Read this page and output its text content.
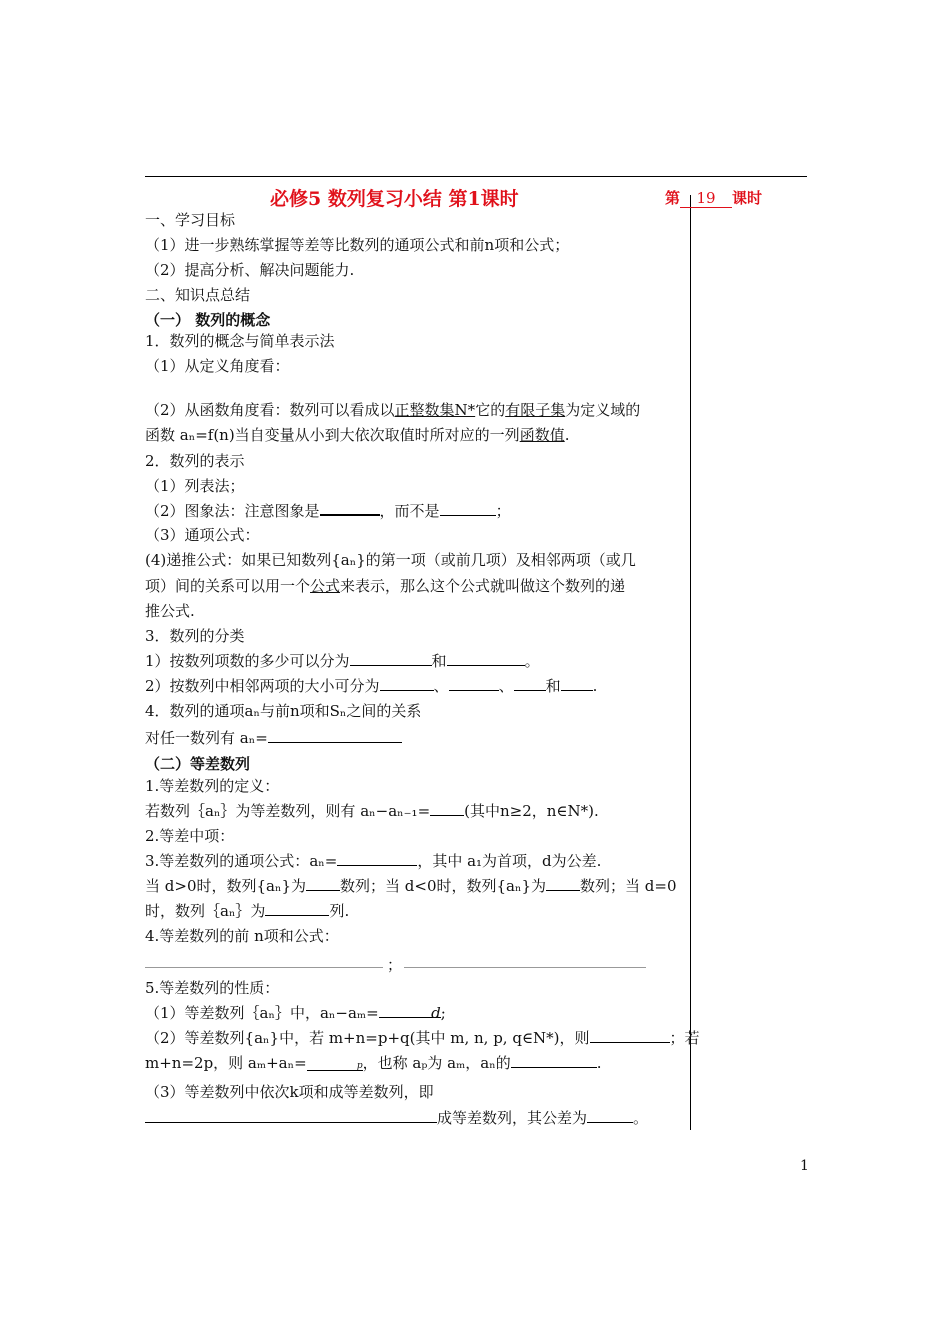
必修5 数列复习小结 第1课时	第 19 课时
一、学习目标
（1）进一步熟练掌握等差等比数列的通项公式和前n项和公式；
（2）提高分析、解决问题能力.
二、知识点总结
（一） 数列的概念
1．数列的概念与简单表示法
（1）从定义角度看：
（2）从函数角度看：数列可以看成以正整数集N*它的有限子集为定义域的
函数 aₙ=f(n)当自变量从小到大依次取值时所对应的一列函数值.
2．数列的表示
（1）列表法；
（2）图象法：注意图象是	，而不是	；
（3）通项公式：
(4)递推公式：如果已知数列{aₙ}的第一项（或前几项）及相邻两项（或几
项）间的关系可以用一个公式来表示，那么这个公式就叫做这个数列的递
推公式.
3．数列的分类
1）按数列项数的多少可以分为	和	。
2）按数列中相邻两项的大小可分为	、	、 和 .
4．数列的通项aₙ与前n项和Sₙ之间的关系
对任一数列有 aₙ=
（二）等差数列
1.等差数列的定义：
若数列｛aₙ｝为等差数列，则有 aₙ−aₙ₋₁= (其中n≥2，n∈N*).
2.等差中项：
3.等差数列的通项公式：aₙ=	，其中 a₁为首项，d为公差.
当 d>0时，数列{aₙ}为 数列；当 d<0时，数列{aₙ}为 数列；当 d=0
时，数列｛aₙ｝为	列.
4.等差数列的前 n项和公式：
；
5.等差数列的性质：
（1）等差数列｛aₙ｝中，aₙ−aₘ=	d;
（2）等差数列{aₙ}中，若 m+n=p+q(其中 m, n, p, q∈N*)，则	；若
m+n=2p，则 aₘ+aₙ=	p，也称 aₚ为 aₘ，aₙ的	.
（3）等差数列中依次k项和成等差数列，即
成等差数列，其公差为	。
1
